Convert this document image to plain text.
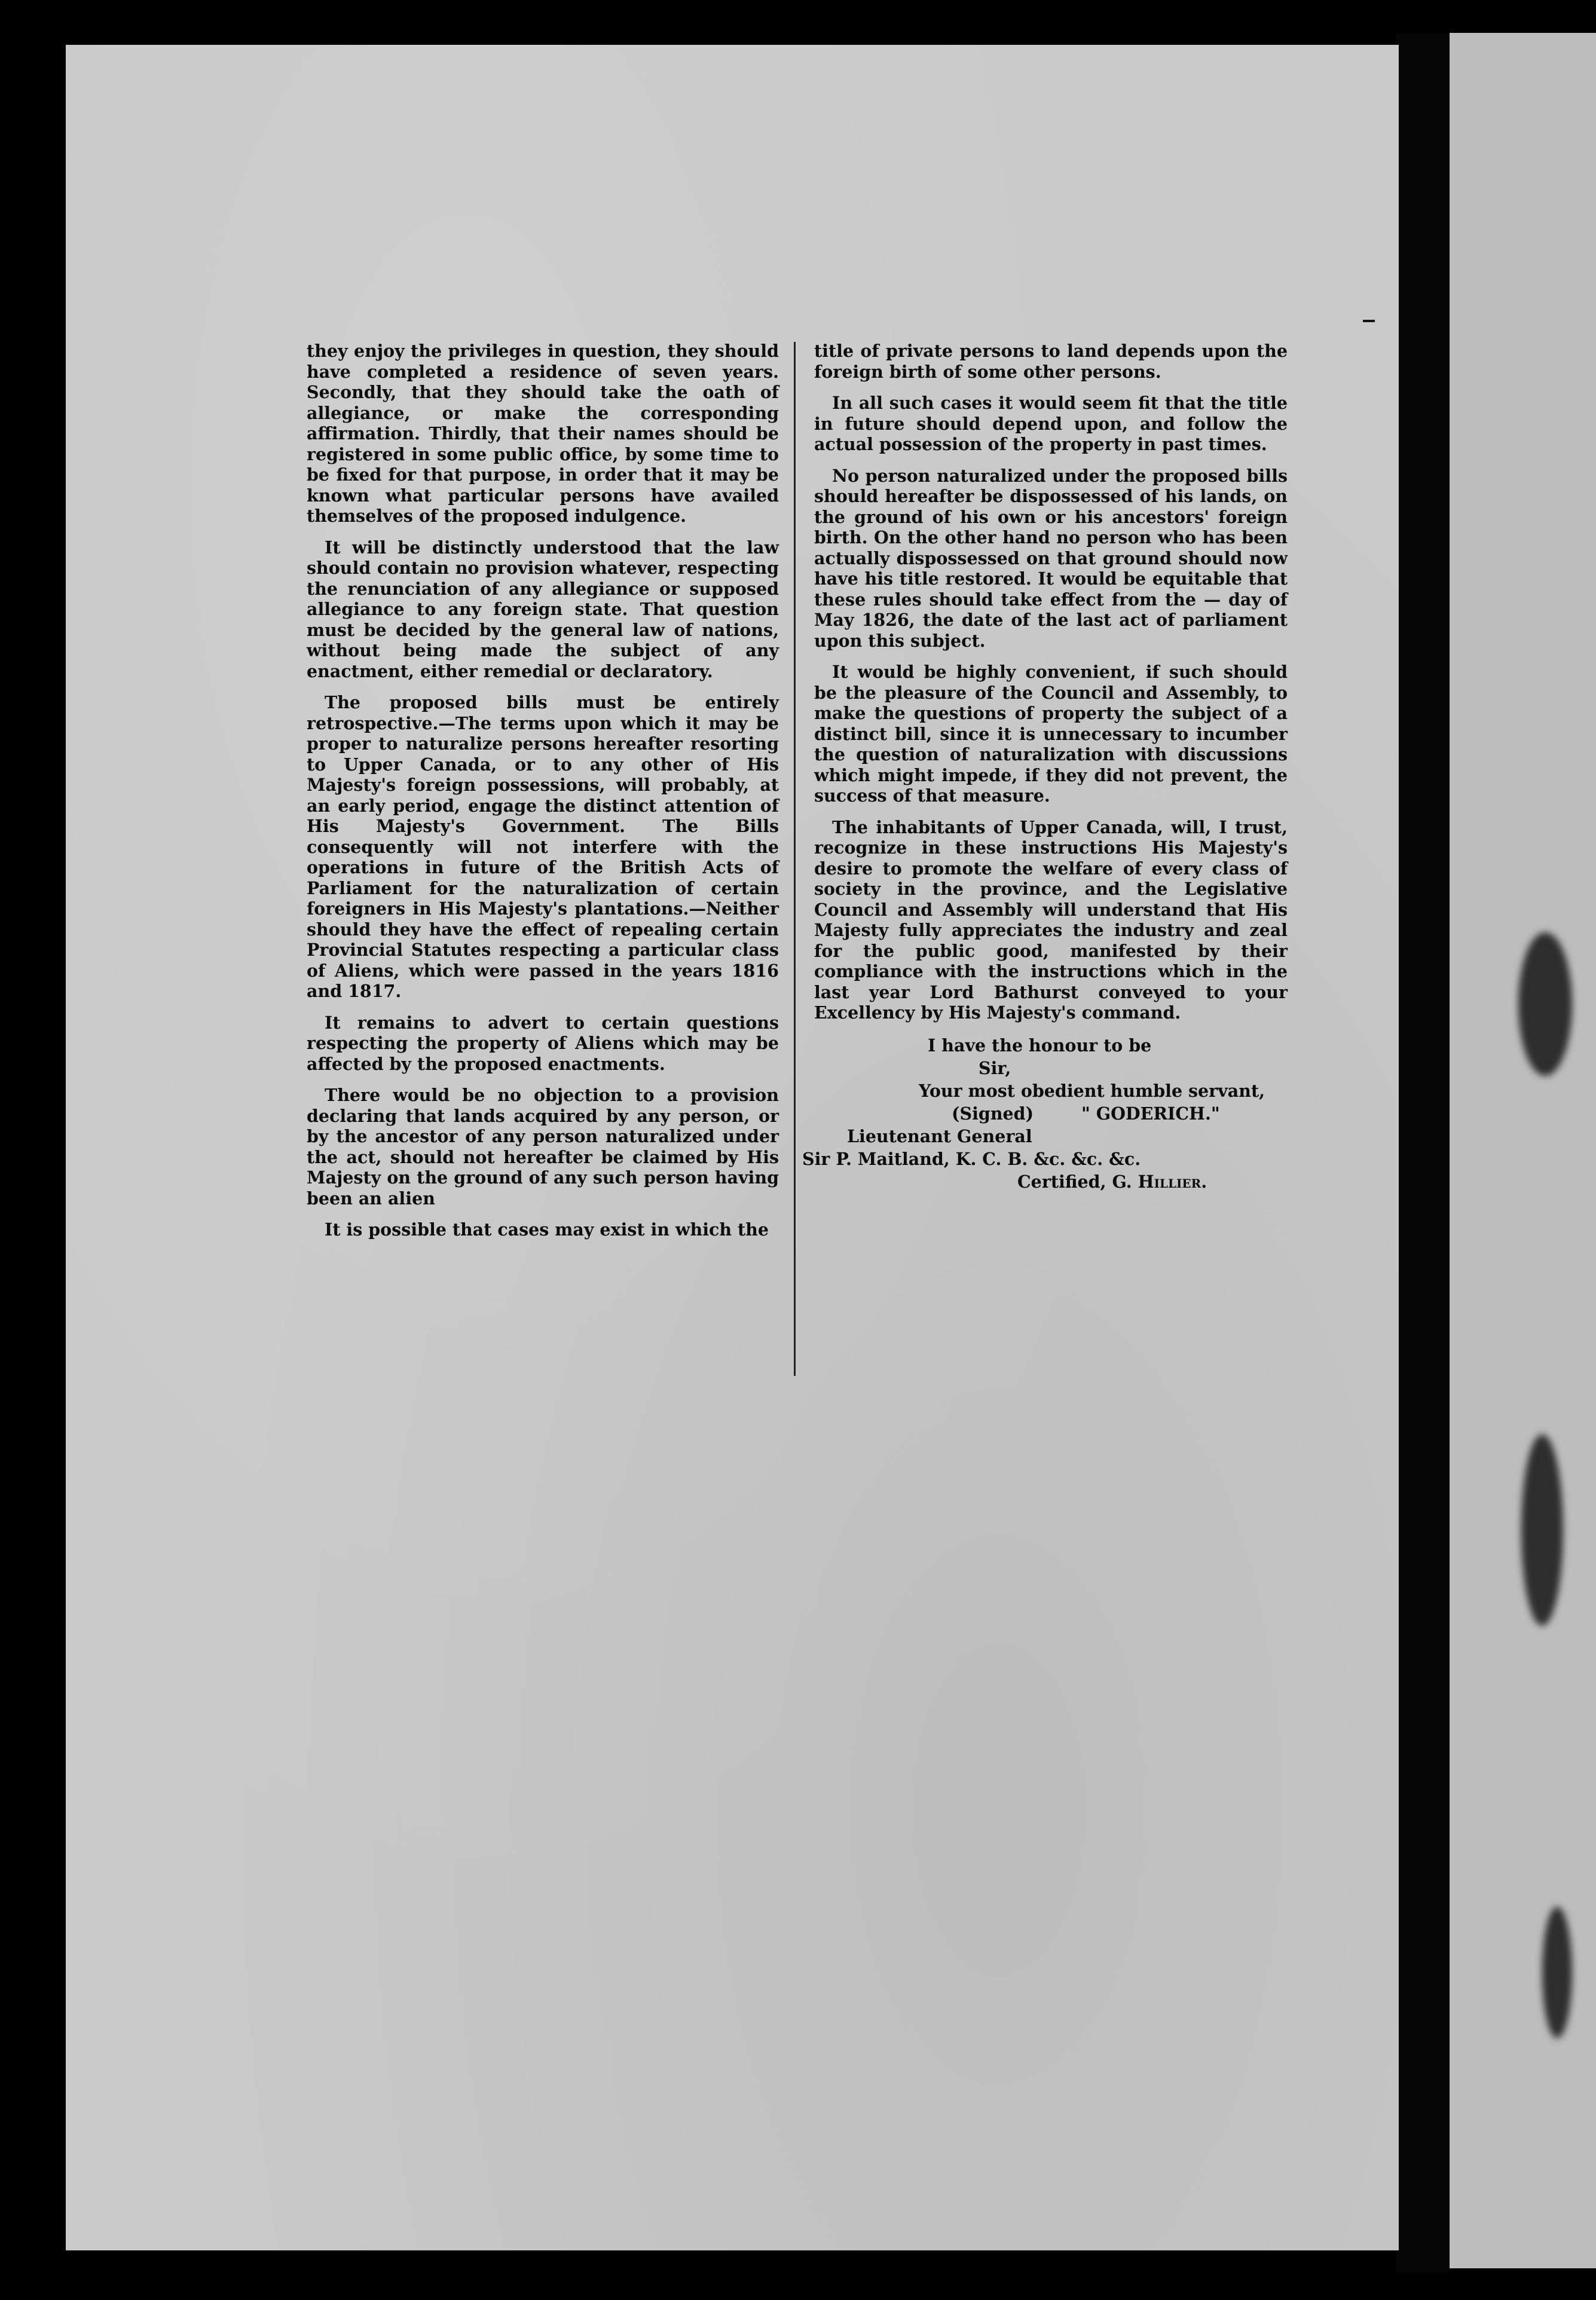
they enjoy the privileges in question, they should have completed a residence of seven years. Secondly, that they should take the oath of allegiance, or make the corresponding affirmation. Thirdly, that their names should be registered in some public office, by some time to be fixed for that purpose, in order that it may be known what particular persons have availed themselves of the proposed indulgence.

It will be distinctly understood that the law should contain no provision whatever, respecting the renunciation of any allegiance or supposed allegiance to any foreign state. That question must be decided by the general law of nations, without being made the subject of any enactment, either remedial or declaratory.

The proposed bills must be entirely retrospective.—The terms upon which it may be proper to naturalize persons hereafter resorting to Upper Canada, or to any other of His Majesty's foreign possessions, will probably, at an early period, engage the distinct attention of His Majesty's Government. The Bills consequently will not interfere with the operations in future of the British Acts of Parliament for the naturalization of certain foreigners in His Majesty's plantations.—Neither should they have the effect of repealing certain Provincial Statutes respecting a particular class of Aliens, which were passed in the years 1816 and 1817.

It remains to advert to certain questions respecting the property of Aliens which may be affected by the proposed enactments.

There would be no objection to a provision declaring that lands acquired by any person, or by the ancestor of any person naturalized under the act, should not hereafter be claimed by His Majesty on the ground of any such person having been an alien

It is possible that cases may exist in which the

title of private persons to land depends upon the foreign birth of some other persons.

In all such cases it would seem fit that the title in future should depend upon, and follow the actual possession of the property in past times.

No person naturalized under the proposed bills should hereafter be dispossessed of his lands, on the ground of his own or his ancestors' foreign birth. On the other hand no person who has been actually dispossessed on that ground should now have his title restored. It would be equitable that these rules should take effect from the — day of May 1826, the date of the last act of parliament upon this subject.

It would be highly convenient, if such should be the pleasure of the Council and Assembly, to make the questions of property the subject of a distinct bill, since it is unnecessary to incumber the question of naturalization with discussions which might impede, if they did not prevent, the success of that measure.

The inhabitants of Upper Canada, will, I trust, recognize in these instructions His Majesty's desire to promote the welfare of every class of society in the province, and the Legislative Council and Assembly will understand that His Majesty fully appreciates the industry and zeal for the public good, manifested by their compliance with the instructions which in the last year Lord Bathurst conveyed to your Excellency by His Majesty's command.

I have the honour to be
Sir,
Your most obedient humble servant,
(Signed)	" GODERICH."
Lieutenant General
Sir P. Maitland, K. C. B. &c. &c. &c.
Certified, G. Hillier.
